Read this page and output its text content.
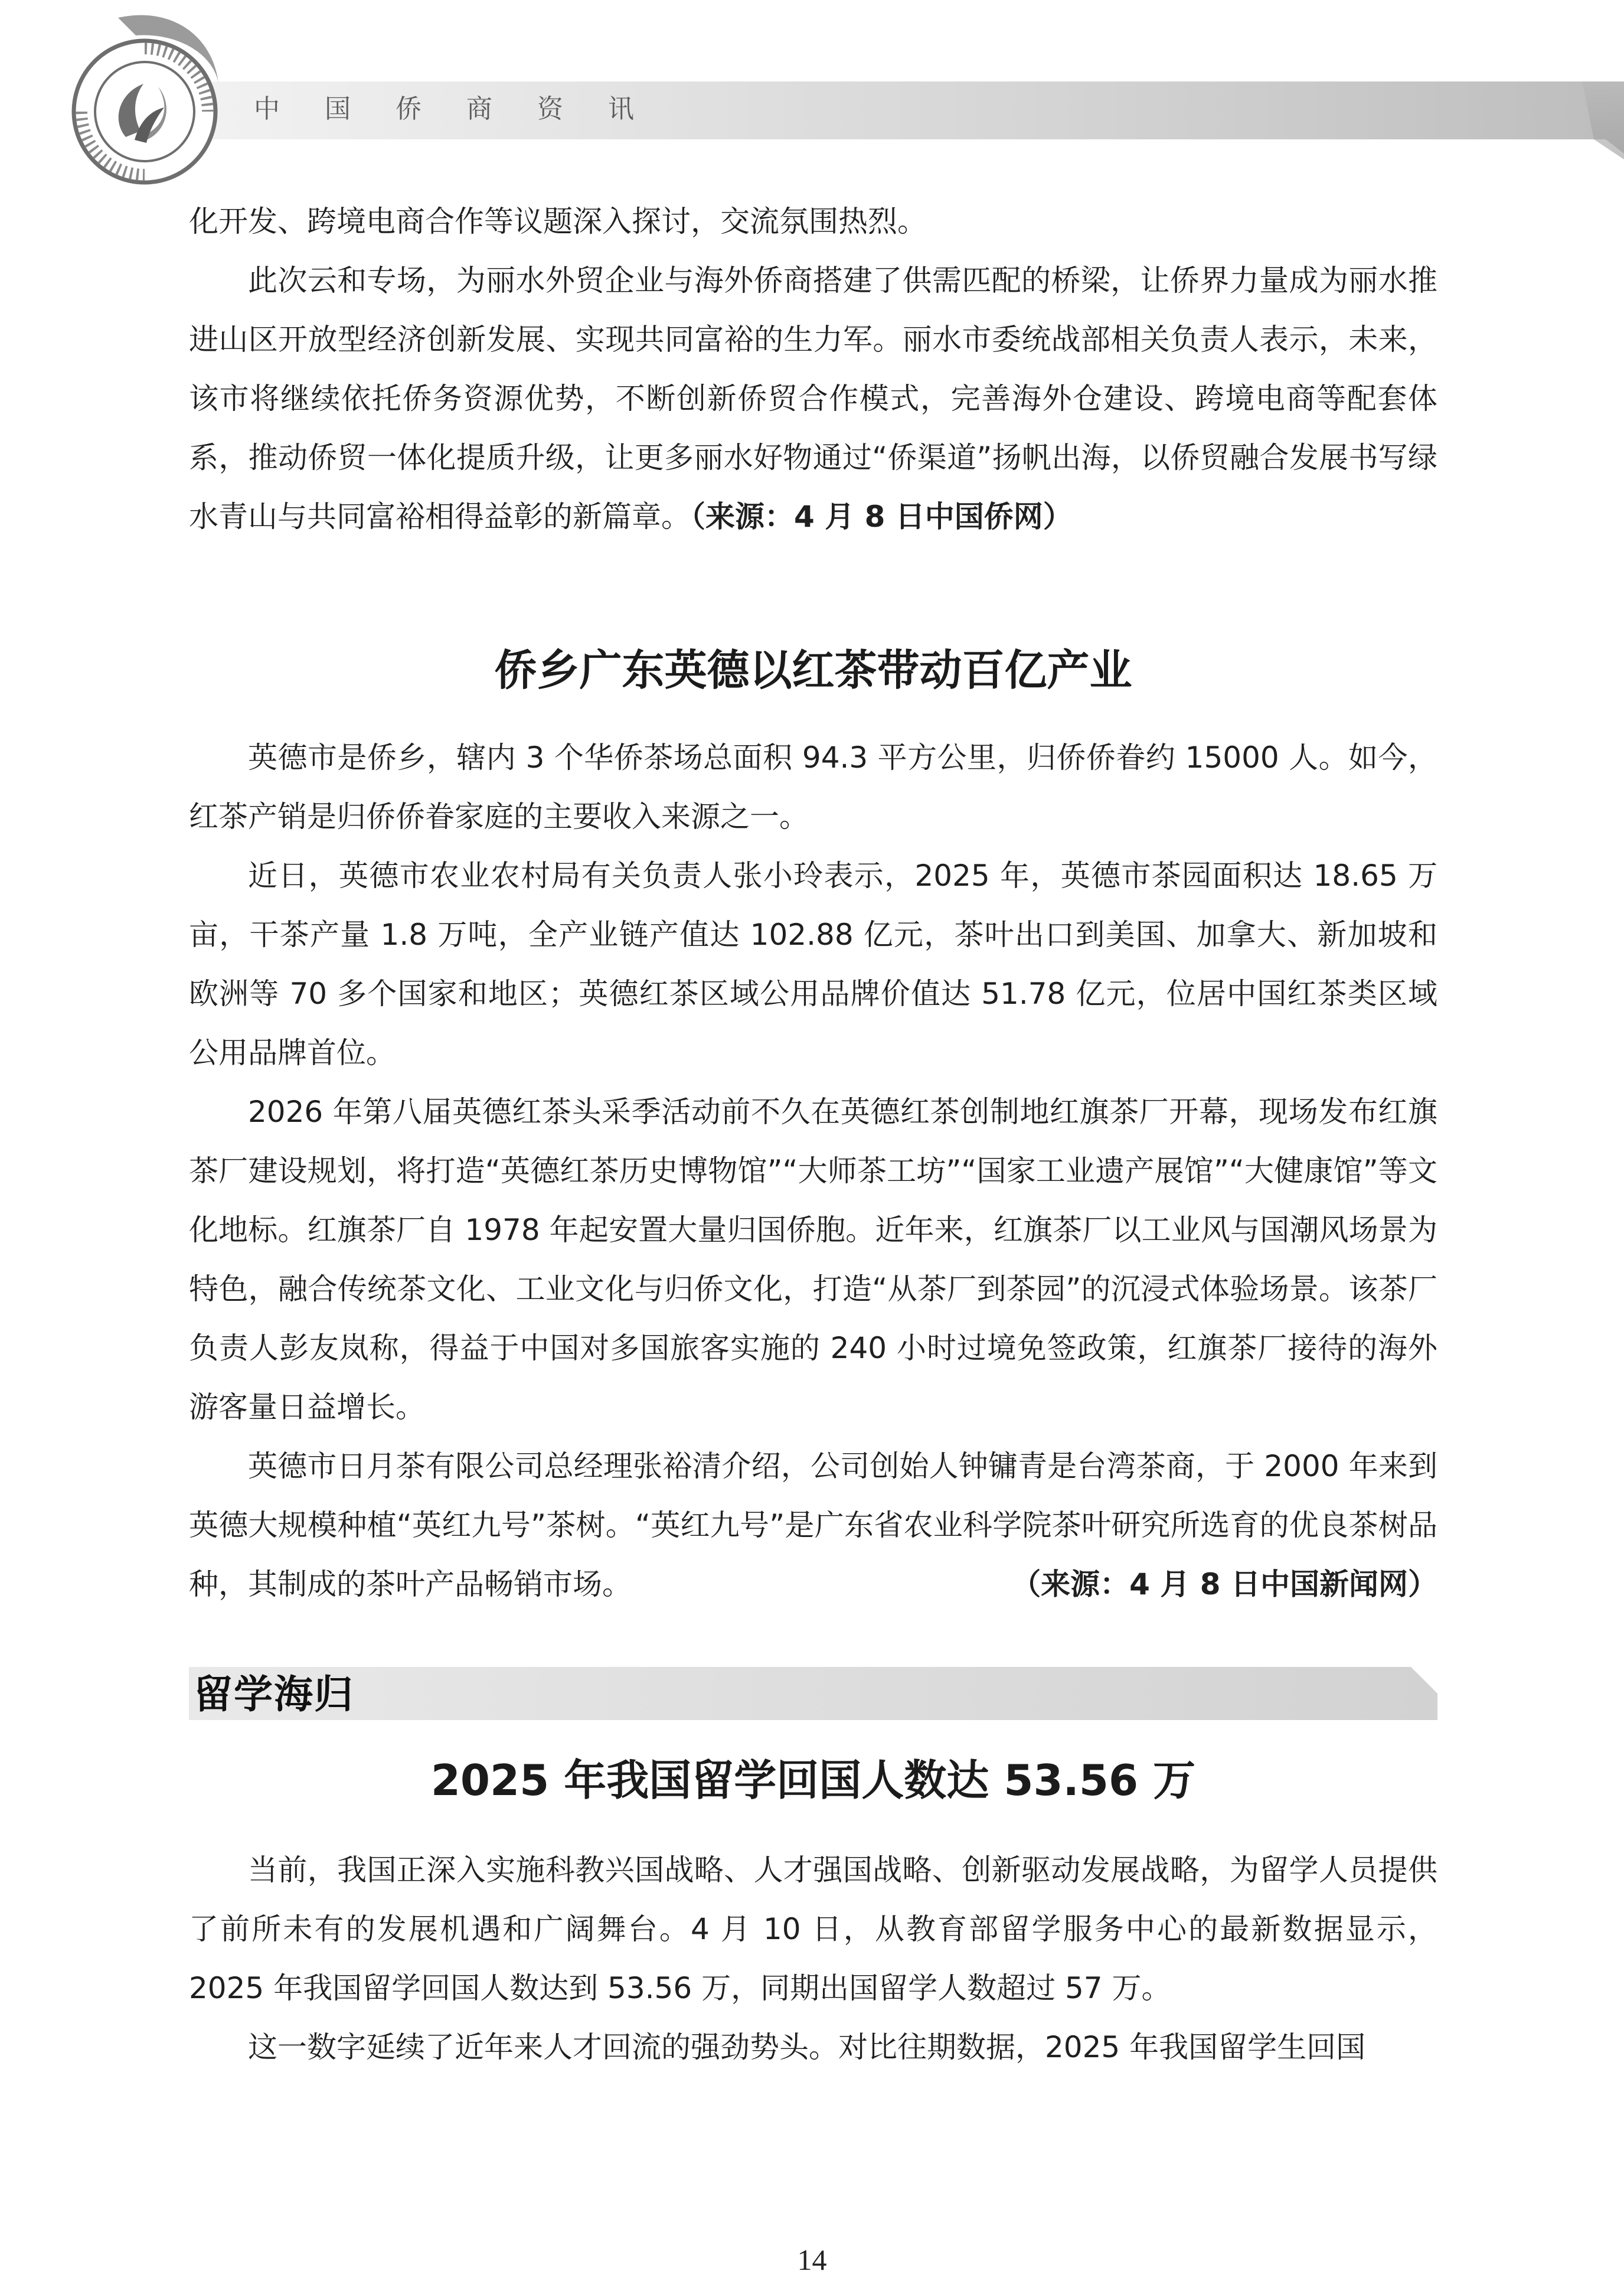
中国侨商资讯

化开发、跨境电商合作等议题深入探讨，交流氛围热烈。

此次云和专场，为丽水外贸企业与海外侨商搭建了供需匹配的桥梁，让侨界力量成为丽水推进山区开放型经济创新发展、实现共同富裕的生力军。丽水市委统战部相关负责人表示，未来，该市将继续依托侨务资源优势，不断创新侨贸合作模式，完善海外仓建设、跨境电商等配套体系，推动侨贸一体化提质升级，让更多丽水好物通过“侨渠道”扬帆出海，以侨贸融合发展书写绿水青山与共同富裕相得益彰的新篇章。（来源：4 月 8 日中国侨网）

侨乡广东英德以红茶带动百亿产业

英德市是侨乡，辖内 3 个华侨茶场总面积 94.3 平方公里，归侨侨眷约 15000 人。如今，红茶产销是归侨侨眷家庭的主要收入来源之一。

近日，英德市农业农村局有关负责人张小玲表示，2025 年，英德市茶园面积达 18.65 万亩，干茶产量 1.8 万吨，全产业链产值达 102.88 亿元，茶叶出口到美国、加拿大、新加坡和欧洲等 70 多个国家和地区；英德红茶区域公用品牌价值达 51.78 亿元，位居中国红茶类区域公用品牌首位。

2026 年第八届英德红茶头采季活动前不久在英德红茶创制地红旗茶厂开幕，现场发布红旗茶厂建设规划，将打造“英德红茶历史博物馆”“大师茶工坊”“国家工业遗产展馆”“大健康馆”等文化地标。红旗茶厂自 1978 年起安置大量归国侨胞。近年来，红旗茶厂以工业风与国潮风场景为特色，融合传统茶文化、工业文化与归侨文化，打造“从茶厂到茶园”的沉浸式体验场景。该茶厂负责人彭友岚称，得益于中国对多国旅客实施的 240 小时过境免签政策，红旗茶厂接待的海外游客量日益增长。

英德市日月茶有限公司总经理张裕清介绍，公司创始人钟镛青是台湾茶商，于 2000 年来到英德大规模种植“英红九号”茶树。“英红九号”是广东省农业科学院茶叶研究所选育的优良茶树品种，其制成的茶叶产品畅销市场。	（来源：4 月 8 日中国新闻网）

留学海归
2025 年我国留学回国人数达 53.56 万

当前，我国正深入实施科教兴国战略、人才强国战略、创新驱动发展战略，为留学人员提供了前所未有的发展机遇和广阔舞台。4 月 10 日，从教育部留学服务中心的最新数据显示，2025 年我国留学回国人数达到 53.56 万，同期出国留学人数超过 57 万。

这一数字延续了近年来人才回流的强劲势头。对比往期数据，2025 年我国留学生回国

14
